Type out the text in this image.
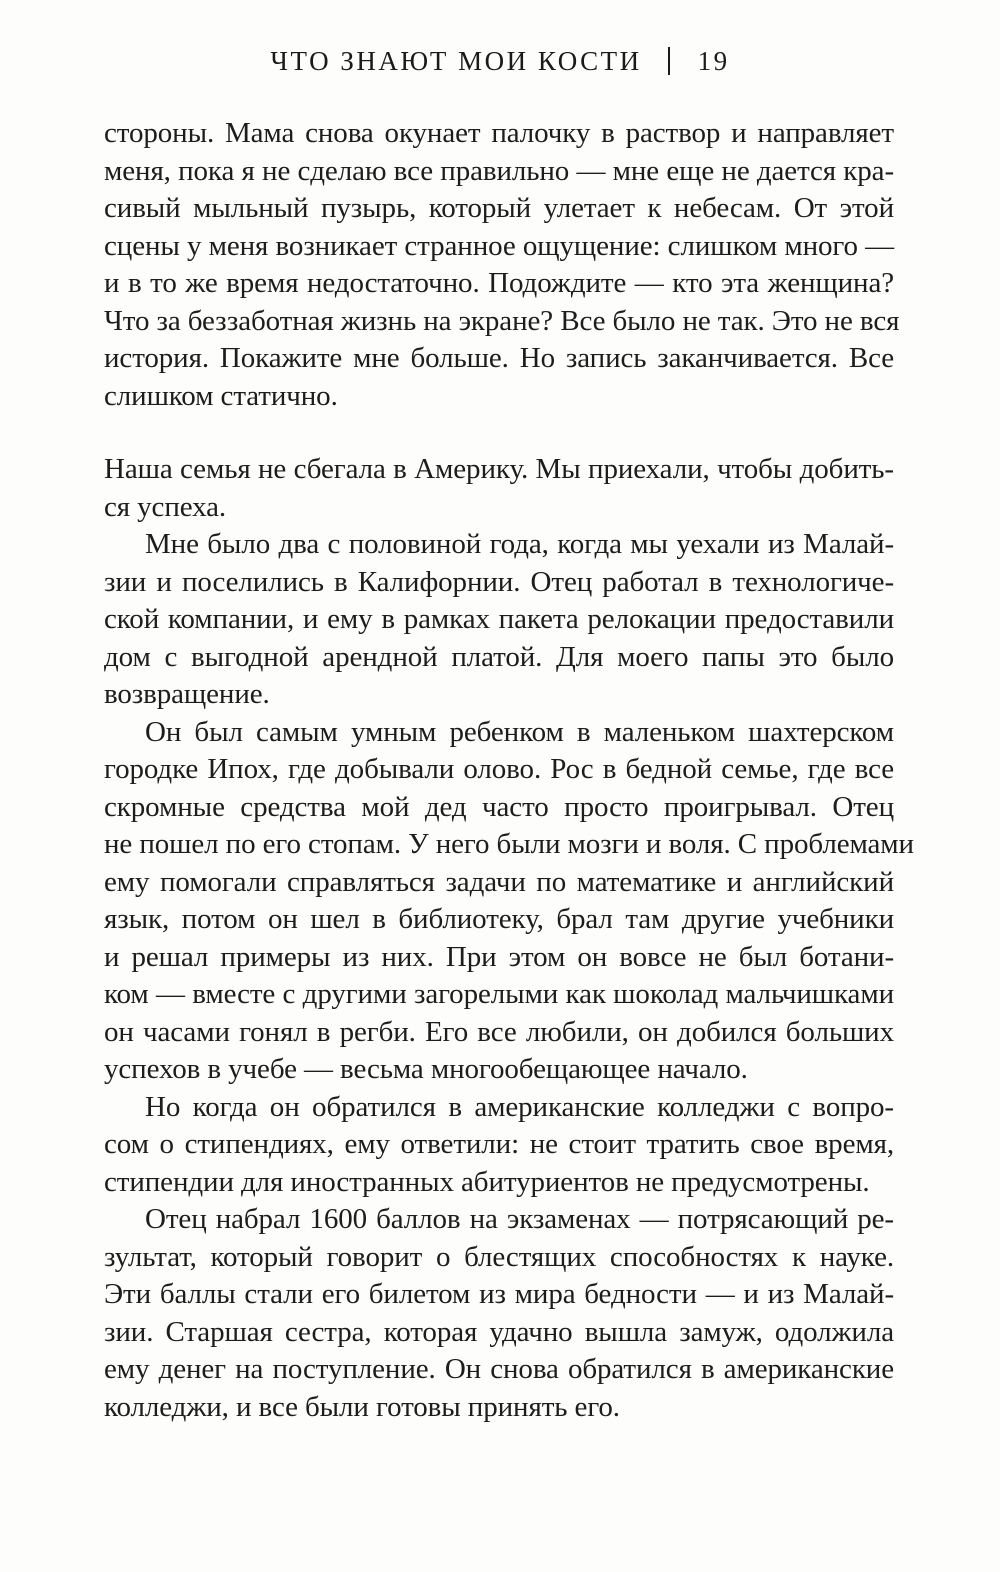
ЧТО ЗНАЮТ МОИ КОСТИ 19
стороны. Мама снова окунает палочку в раствор и направляет
меня, пока я не сделаю все правильно — мне еще не дается кра-
сивый мыльный пузырь, который улетает к небесам. От этой
сцены у меня возникает странное ощущение: слишком много —
и в то же время недостаточно. Подождите — кто эта женщина?
Что за беззаботная жизнь на экране? Все было не так. Это не вся
история. Покажите мне больше. Но запись заканчивается. Все
слишком статично.
Наша семья не сбегала в Америку. Мы приехали, чтобы добить-
ся успеха.
Мне было два с половиной года, когда мы уехали из Малай-
зии и поселились в Калифорнии. Отец работал в технологиче-
ской компании, и ему в рамках пакета релокации предоставили
дом с выгодной арендной платой. Для моего папы это было
возвращение.
Он был самым умным ребенком в маленьком шахтерском
городке Ипох, где добывали олово. Рос в бедной семье, где все
скромные средства мой дед часто просто проигрывал. Отец
не пошел по его стопам. У него были мозги и воля. С проблемами
ему помогали справляться задачи по математике и английский
язык, потом он шел в библиотеку, брал там другие учебники
и решал примеры из них. При этом он вовсе не был ботани-
ком — вместе с другими загорелыми как шоколад мальчишками
он часами гонял в регби. Его все любили, он добился больших
успехов в учебе — весьма многообещающее начало.
Но когда он обратился в американские колледжи с вопро-
сом о стипендиях, ему ответили: не стоит тратить свое время,
стипендии для иностранных абитуриентов не предусмотрены.
Отец набрал 1600 баллов на экзаменах — потрясающий ре-
зультат, который говорит о блестящих способностях к науке.
Эти баллы стали его билетом из мира бедности — и из Малай-
зии. Старшая сестра, которая удачно вышла замуж, одолжила
ему денег на поступление. Он снова обратился в американские
колледжи, и все были готовы принять его.
